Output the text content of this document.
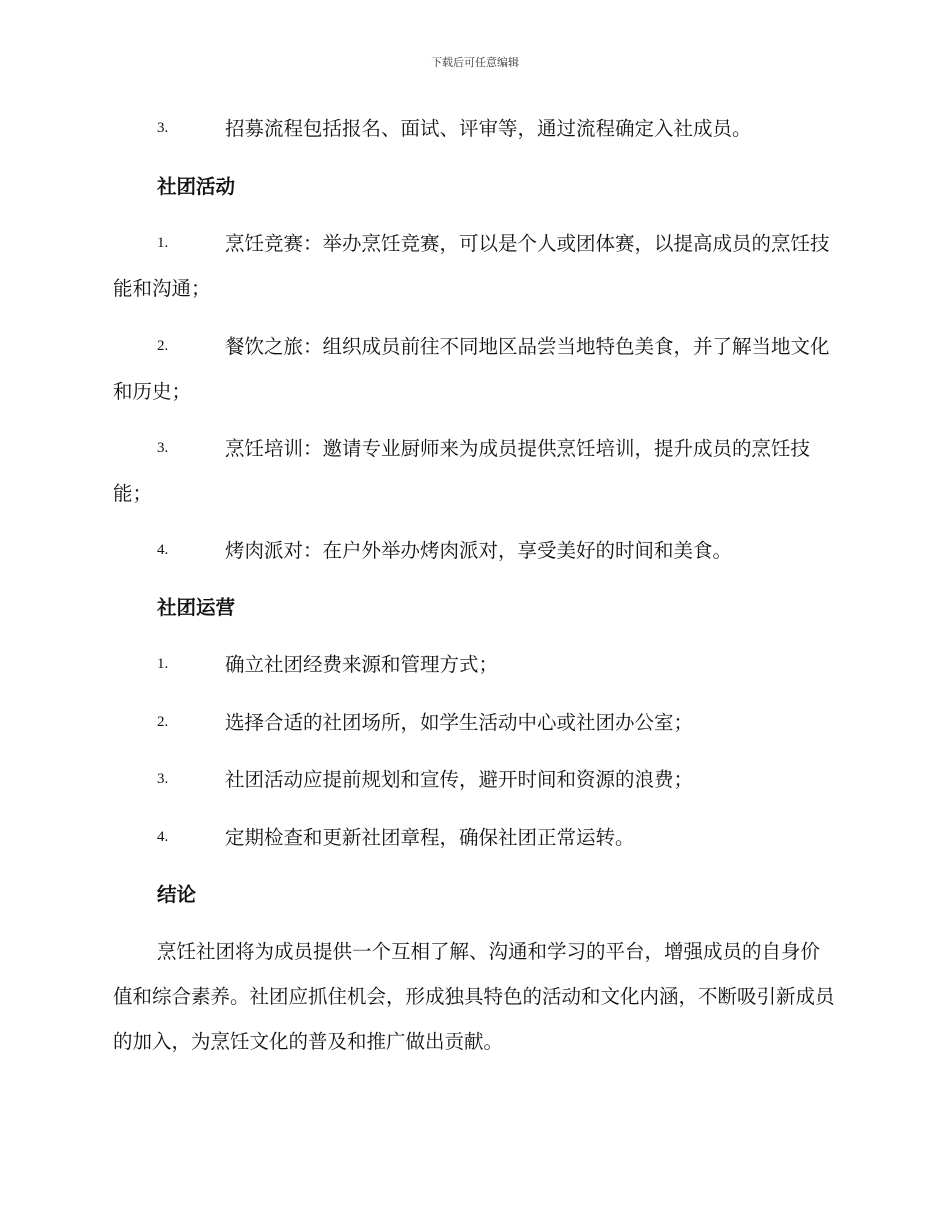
下载后可任意编辑
3.	招募流程包括报名、面试、评审等，通过流程确定入社成员。
社团活动
1.	烹饪竞赛：举办烹饪竞赛，可以是个人或团体赛，以提高成员的烹饪技能和沟通；
2.	餐饮之旅：组织成员前往不同地区品尝当地特色美食，并了解当地文化和历史；
3.	烹饪培训：邀请专业厨师来为成员提供烹饪培训，提升成员的烹饪技能；
4.	烤肉派对：在户外举办烤肉派对，享受美好的时间和美食。
社团运营
1.	确立社团经费来源和管理方式；
2.	选择合适的社团场所，如学生活动中心或社团办公室；
3.	社团活动应提前规划和宣传，避开时间和资源的浪费；
4.	定期检查和更新社团章程，确保社团正常运转。
结论
烹饪社团将为成员提供一个互相了解、沟通和学习的平台，增强成员的自身价值和综合素养。社团应抓住机会，形成独具特色的活动和文化内涵，不断吸引新成员的加入，为烹饪文化的普及和推广做出贡献。
